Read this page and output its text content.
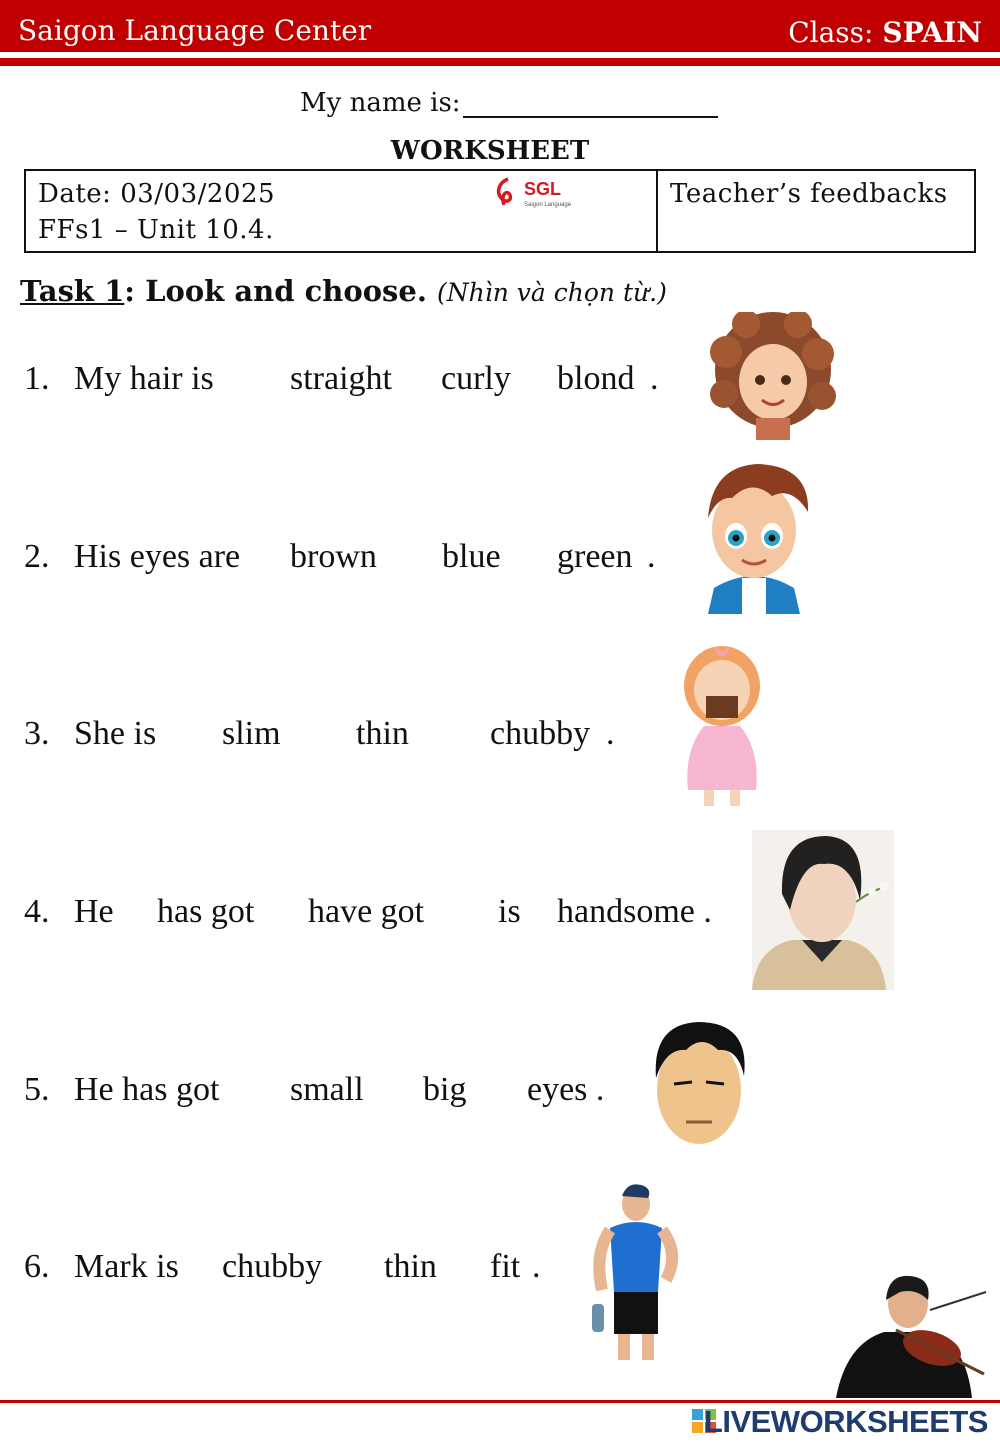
Saigon Language Center	Class: SPAIN
My name is:
WORKSHEET
Date: 03/03/2025
FFs1 – Unit 10.4.
SGL
Saigon Language	Teacher’s feedbacks
Task 1: Look and choose. (Nhìn và chọn từ.)
1. My hair is straight curly blond .
2. His eyes are brown blue green .
3. She is slim thin chubby .
4. He has got have got is handsome .
5. He has got small big eyes .
6. Mark is chubby thin fit .
LIVEWORKSHEETS
